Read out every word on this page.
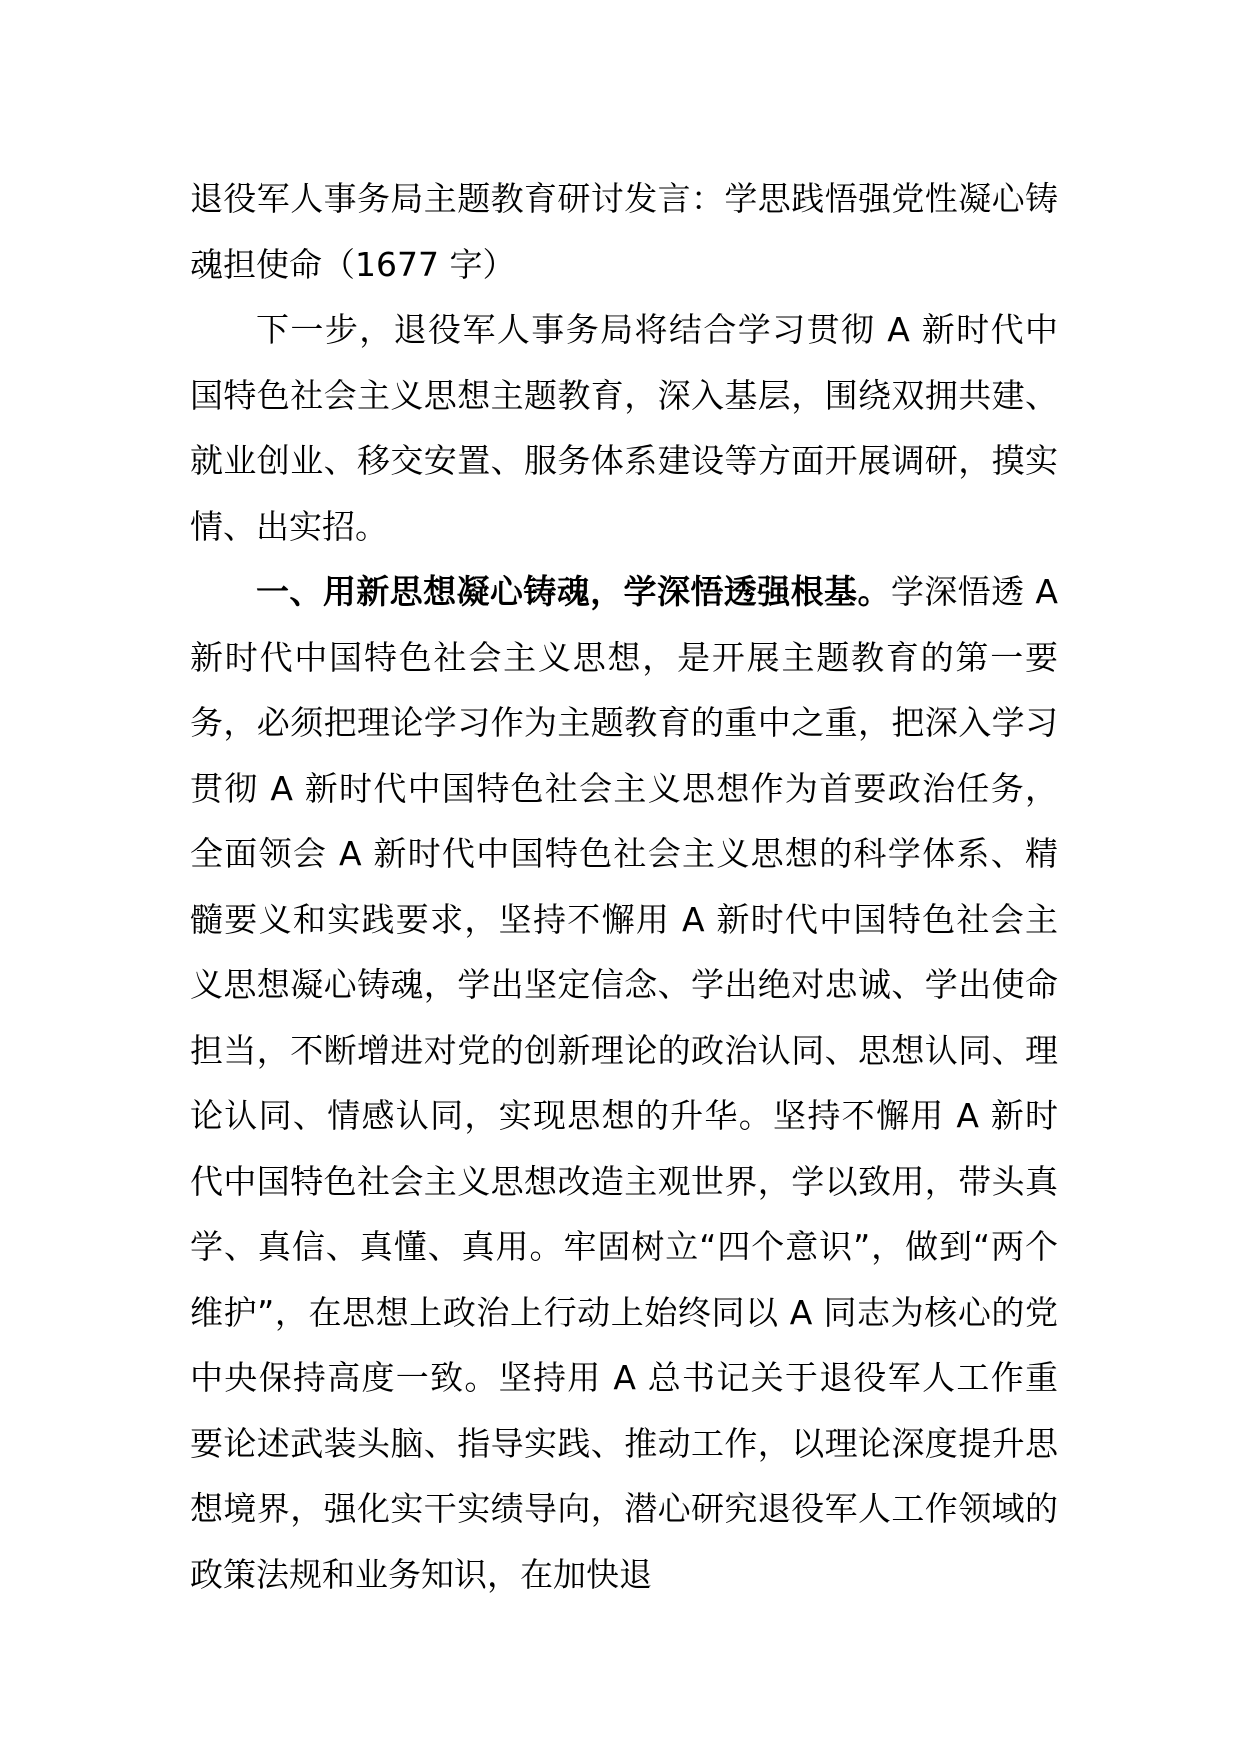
退役军人事务局主题教育研讨发言：学思践悟强党性凝心铸魂担使命（1677 字）

下一步，退役军人事务局将结合学习贯彻 A 新时代中国特色社会主义思想主题教育，深入基层，围绕双拥共建、就业创业、移交安置、服务体系建设等方面开展调研，摸实情、出实招。

一、用新思想凝心铸魂，学深悟透强根基。学深悟透 A 新时代中国特色社会主义思想，是开展主题教育的第一要务，必须把理论学习作为主题教育的重中之重，把深入学习贯彻 A 新时代中国特色社会主义思想作为首要政治任务，全面领会 A 新时代中国特色社会主义思想的科学体系、精髓要义和实践要求，坚持不懈用 A 新时代中国特色社会主义思想凝心铸魂，学出坚定信念、学出绝对忠诚、学出使命担当，不断增进对党的创新理论的政治认同、思想认同、理论认同、情感认同，实现思想的升华。坚持不懈用 A 新时代中国特色社会主义思想改造主观世界，学以致用，带头真学、真信、真懂、真用。牢固树立“四个意识”，做到“两个维护”，在思想上政治上行动上始终同以 A 同志为核心的党中央保持高度一致。坚持用 A 总书记关于退役军人工作重要论述武装头脑、指导实践、推动工作，以理论深度提升思想境界，强化实干实绩导向，潜心研究退役军人工作领域的政策法规和业务知识，在加快退
